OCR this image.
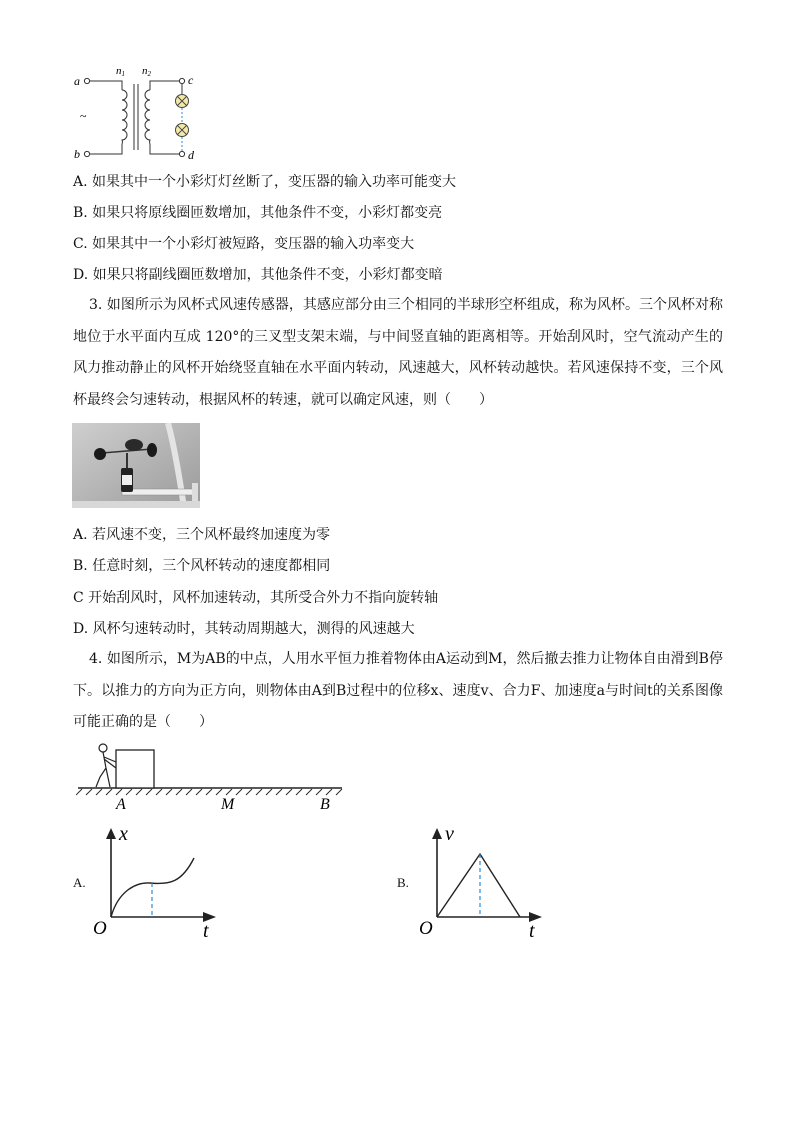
a
b
~
n1 n2	c
d
A. 如果其中一个小彩灯灯丝断了，变压器的输入功率可能变大
B. 如果只将原线圈匝数增加，其他条件不变，小彩灯都变亮
C. 如果其中一个小彩灯被短路，变压器的输入功率变大
D. 如果只将副线圈匝数增加，其他条件不变，小彩灯都变暗
3. 如图所示为风杯式风速传感器，其感应部分由三个相同的半球形空杯组成，称为风杯。三个风杯对称地位于水平面内互成 120°的三叉型支架末端，与中间竖直轴的距离相等。开始刮风时，空气流动产生的风力推动静止的风杯开始绕竖直轴在水平面内转动，风速越大，风杯转动越快。若风速保持不变，三个风杯最终会匀速转动，根据风杯的转速，就可以确定风速，则（　　）
A. 若风速不变，三个风杯最终加速度为零
B. 任意时刻，三个风杯转动的速度都相同
C 开始刮风时，风杯加速转动，其所受合外力不指向旋转轴
D. 风杯匀速转动时，其转动周期越大，测得的风速越大
4. 如图所示，M为AB的中点，人用水平恒力推着物体由A运动到M，然后撤去推力让物体自由滑到B停下。以推力的方向为正方向，则物体由A到B过程中的位移x、速度v、合力F、加速度a与时间t的关系图像可能正确的是（　　）
A	M	B
A.
x
t
O
B.
v
t
O
